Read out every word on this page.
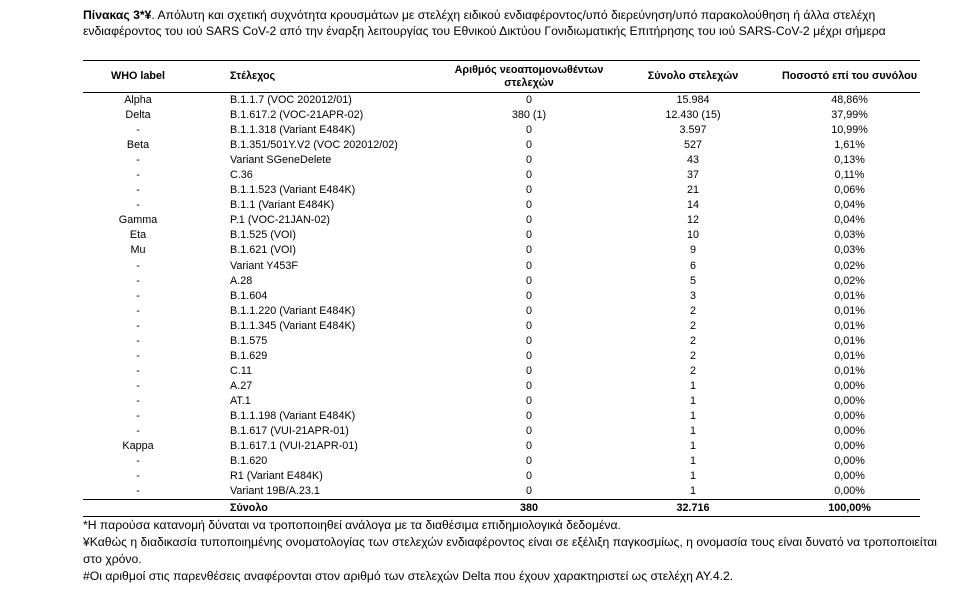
Πίνακας 3*¥. Απόλυτη και σχετική συχνότητα κρουσμάτων με στελέχη ειδικού ενδιαφέροντος/υπό διερεύνηση/υπό παρακολούθηση ή άλλα στελέχη ενδιαφέροντος του ιού SARS CoV-2 από την έναρξη λειτουργίας του Εθνικού Δικτύου Γονιδιωματικής Επιτήρησης του ιού SARS-CoV-2 μέχρι σήμερα
WHO label	Στέλεχος	Αριθμός νεοαπομονωθέντων στελεχών	Σύνολο στελεχών	Ποσοστό επί του συνόλου
Alpha	B.1.1.7 (VOC 202012/01)	0	15.984	48,86%
Delta	B.1.617.2 (VOC-21APR-02)	380 (1)	12.430 (15)	37,99%
-	B.1.1.318 (Variant E484K)	0	3.597	10,99%
Beta	B.1.351/501Y.V2 (VOC 202012/02)	0	527	1,61%
-	Variant SGeneDelete	0	43	0,13%
-	C.36	0	37	0,11%
-	B.1.1.523 (Variant E484K)	0	21	0,06%
-	B.1.1 (Variant E484K)	0	14	0,04%
Gamma	P.1 (VOC-21JAN-02)	0	12	0,04%
Eta	B.1.525 (VOI)	0	10	0,03%
Mu	B.1.621 (VOI)	0	9	0,03%
-	Variant Y453F	0	6	0,02%
-	A.28	0	5	0,02%
-	B.1.604	0	3	0,01%
-	B.1.1.220 (Variant E484K)	0	2	0,01%
-	B.1.1.345 (Variant E484K)	0	2	0,01%
-	B.1.575	0	2	0,01%
-	B.1.629	0	2	0,01%
-	C.11	0	2	0,01%
-	A.27	0	1	0,00%
-	AT.1	0	1	0,00%
-	B.1.1.198 (Variant E484K)	0	1	0,00%
-	B.1.617 (VUI-21APR-01)	0	1	0,00%
Kappa	B.1.617.1 (VUI-21APR-01)	0	1	0,00%
-	B.1.620	0	1	0,00%
-	R1 (Variant E484K)	0	1	0,00%
-	Variant 19B/A.23.1	0	1	0,00%
	Σύνολο	380	32.716	100,00%

*Η παρούσα κατανομή δύναται να τροποποιηθεί ανάλογα με τα διαθέσιμα επιδημιολογικά δεδομένα.

¥Καθώς η διαδικασία τυποποιημένης ονοματολογίας των στελεχών ενδιαφέροντος είναι σε εξέλιξη παγκοσμίως, η ονομασία τους είναι δυνατό να τροποποιείται στο χρόνο.

#Οι αριθμοί στις παρενθέσεις αναφέρονται στον αριθμό των στελεχών Delta που έχουν χαρακτηριστεί ως στελέχη ΑΥ.4.2.
